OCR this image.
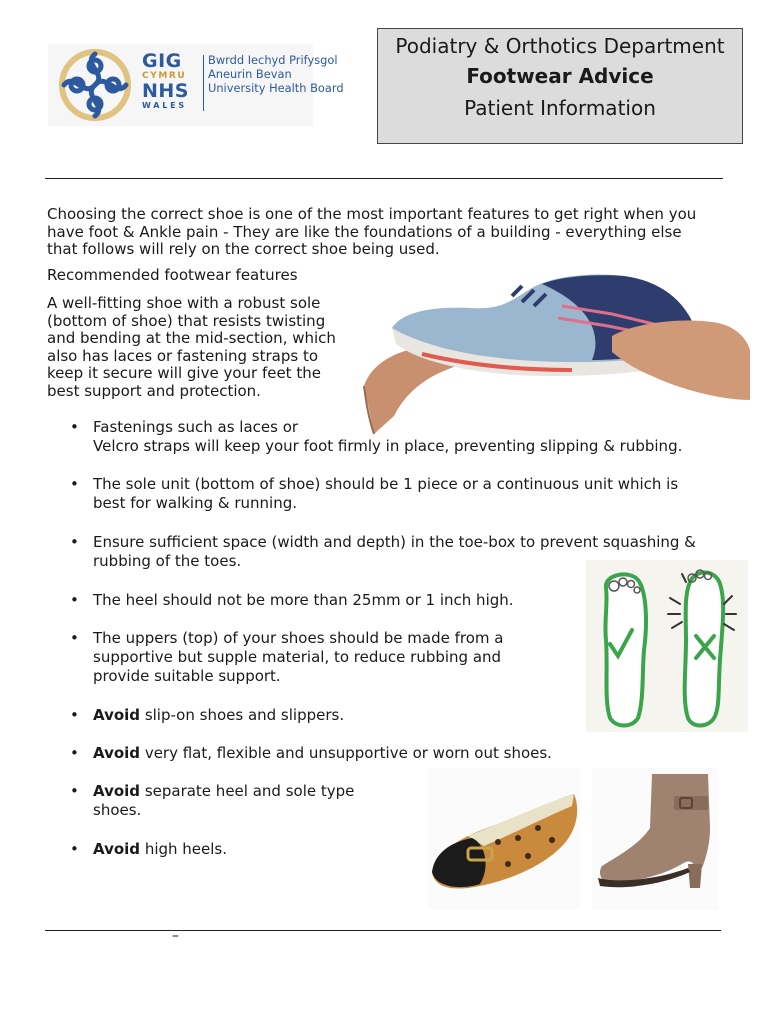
GIG
CYMRU
NHS
WALES
Bwrdd Iechyd Prifysgol
Aneurin Bevan
University Health Board
Podiatry & Orthotics Department
Footwear Advice
Patient Information
Choosing the correct shoe is one of the most important features to get right when you
have foot & Ankle pain - They are like the foundations of a building - everything else
that follows will rely on the correct shoe being used.
Recommended footwear features
A well-fitting shoe with a robust sole
(bottom of shoe) that resists twisting
and bending at the mid-section, which
also has laces or fastening straps to
keep it secure will give your feet the
best support and protection.
• Fastenings such as laces or
Velcro straps will keep your foot firmly in place, preventing slipping & rubbing.
• The sole unit (bottom of shoe) should be 1 piece or a continuous unit which is
best for walking & running.
• Ensure sufficient space (width and depth) in the toe-box to prevent squashing &
rubbing of the toes.
• The heel should not be more than 25mm or 1 inch high.
• The uppers (top) of your shoes should be made from a
supportive but supple material, to reduce rubbing and
provide suitable support.
• Avoid slip-on shoes and slippers.
• Avoid very flat, flexible and unsupportive or worn out shoes.
• Avoid separate heel and sole type
shoes.
• Avoid high heels.
–
